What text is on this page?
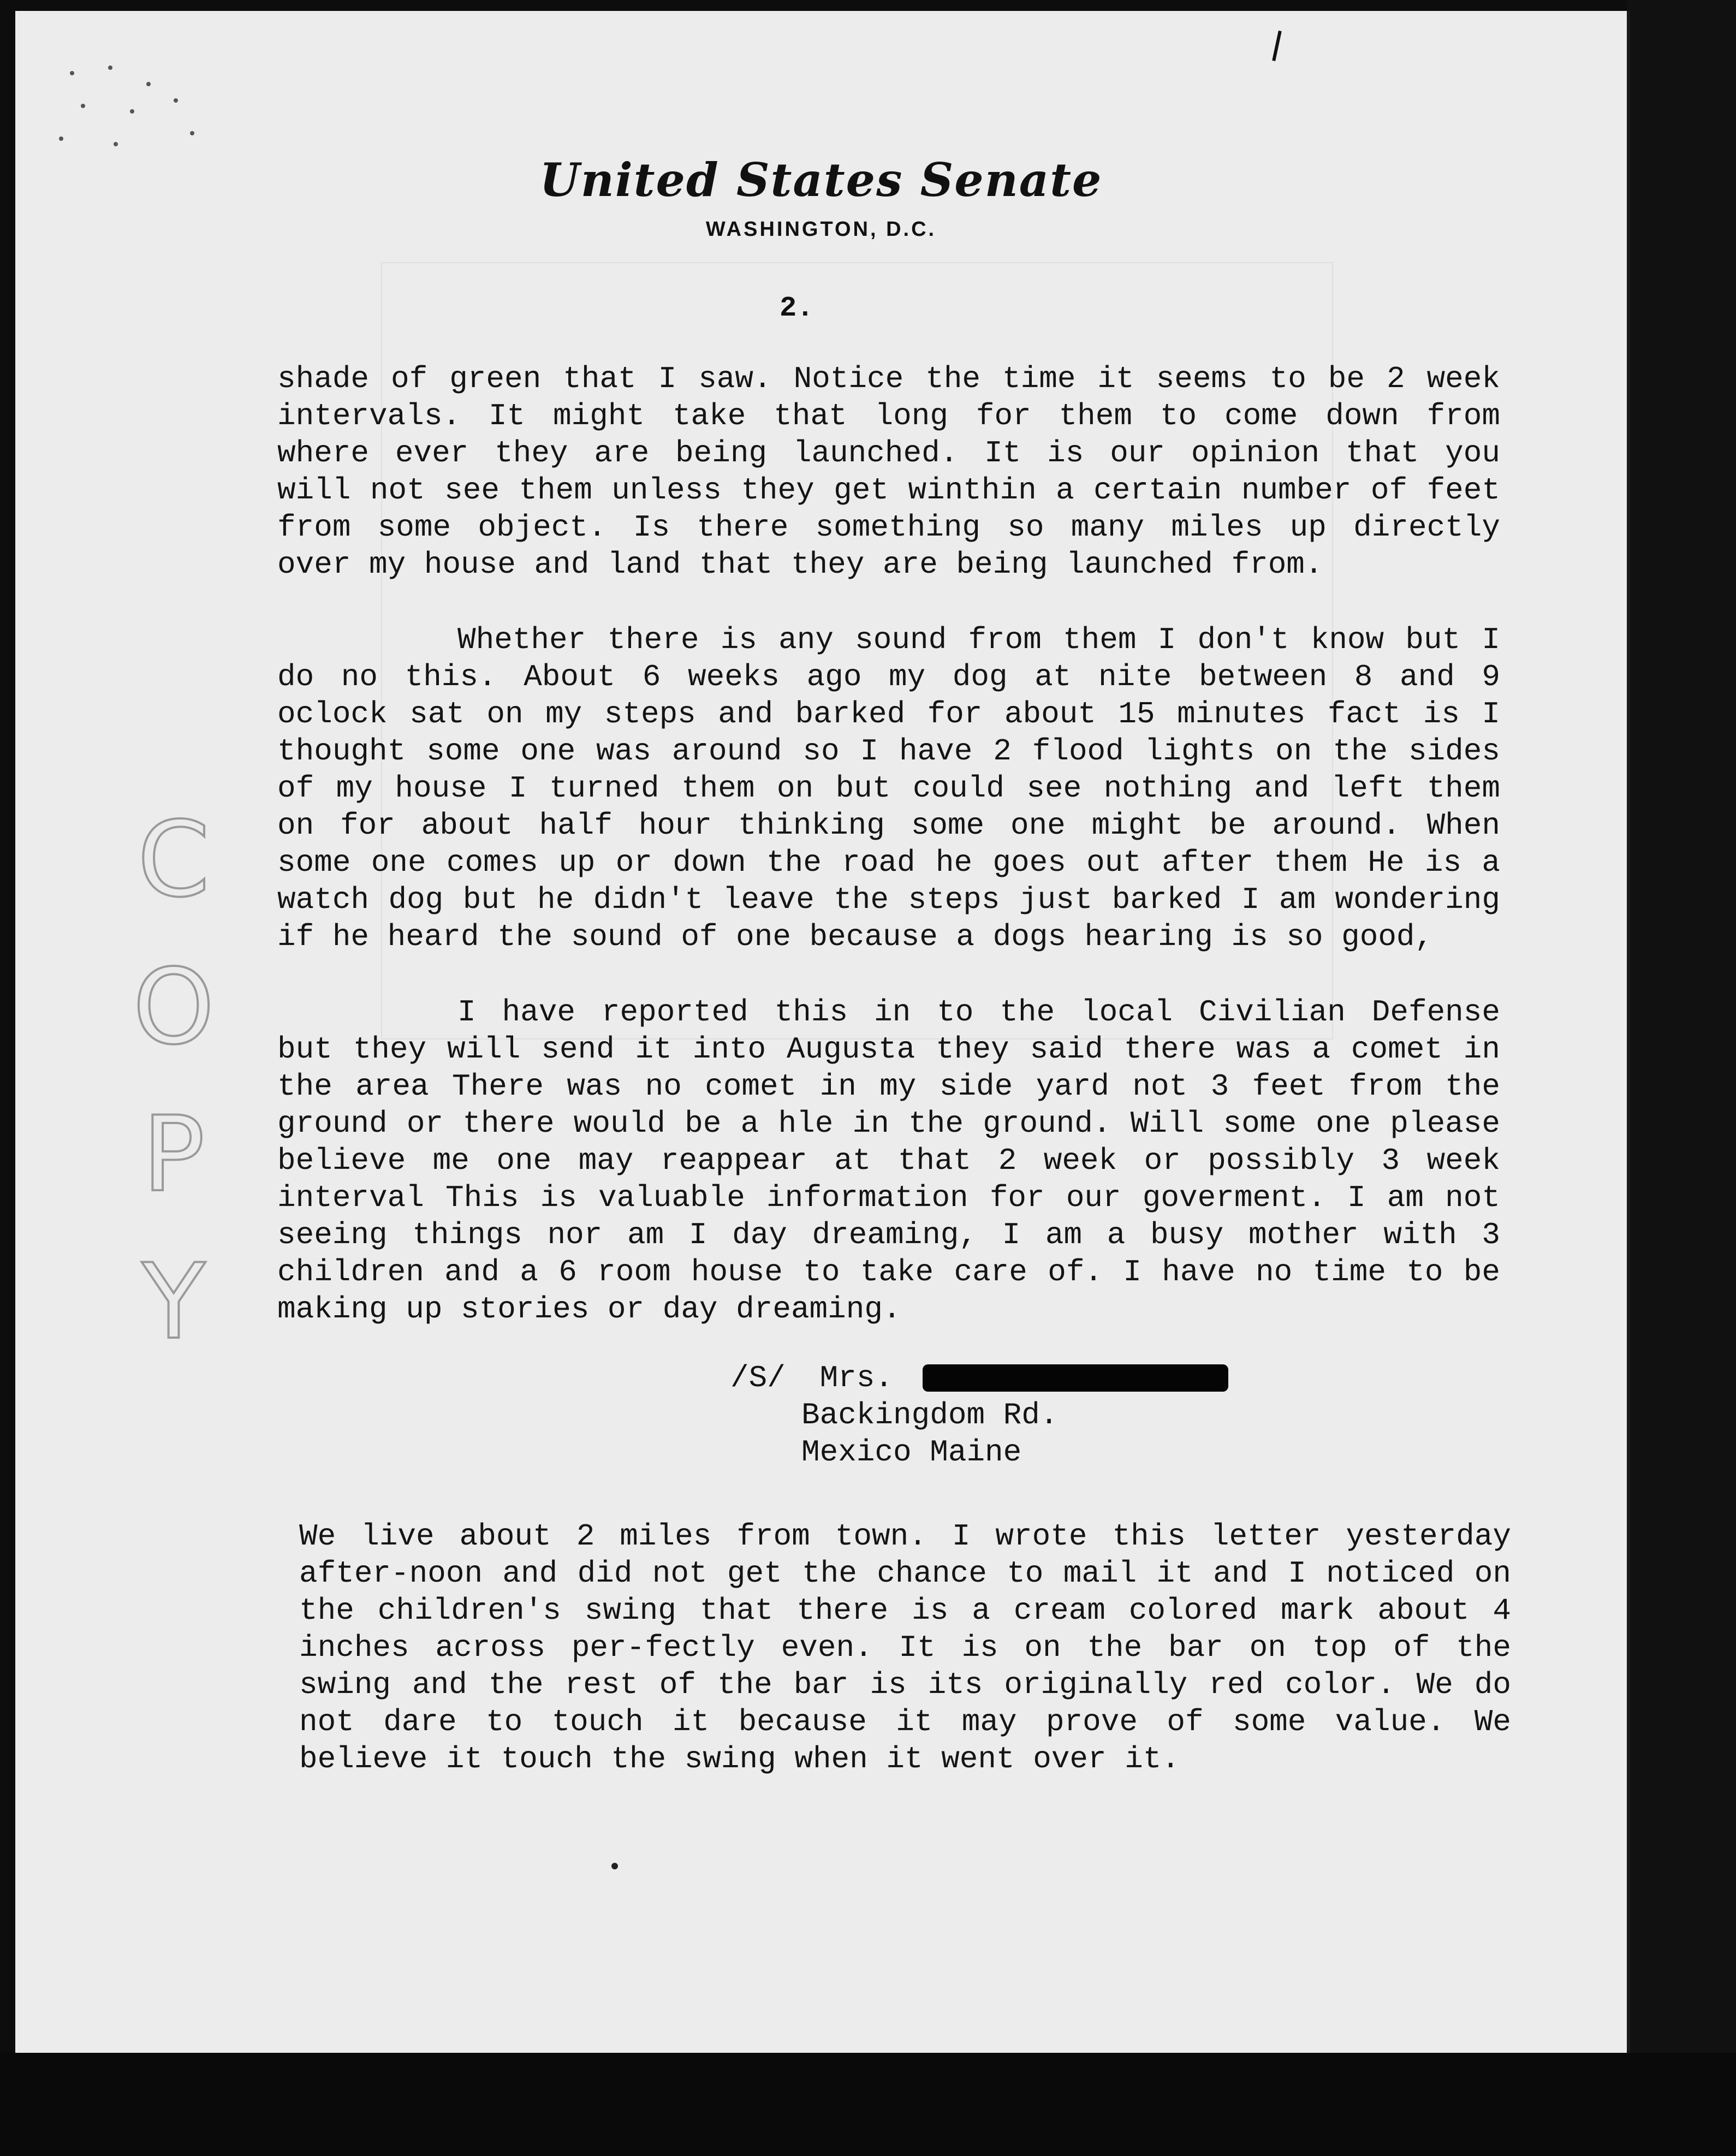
United States Senate
WASHINGTON, D.C.
2.
C
O
P
Y

shade of green that I saw. Notice the time it seems to be 2 week intervals. It might take that long for them to come down from where ever they are being launched. It is our opinion that you will not see them unless they get winthin a certain number of feet from some object. Is there something so many miles up directly over my house and land that they are being launched from.

Whether there is any sound from them I don't know but I do no this. About 6 weeks ago my dog at nite between 8 and 9 oclock sat on my steps and barked for about 15 minutes fact is I thought some one was around so I have 2 flood lights on the sides of my house I turned them on but could see nothing and left them on for about half hour thinking some one might be around. When some one comes up or down the road he goes out after them He is a watch dog but he didn't leave the steps just barked I am wondering if he heard the sound of one because a dogs hearing is so good,

I have reported this in to the local Civilian Defense but they will send it into Augusta they said there was a comet in the area There was no comet in my side yard not 3 feet from the ground or there would be a hle in the ground. Will some one please believe me one may reappear at that 2 week or possibly 3 week interval This is valuable information for our goverment. I am not seeing things nor am I day dreaming, I am a busy mother with 3 children and a 6 room house to take care of. I have no time to be making up stories or day dreaming.

/S/ Mrs.
Backingdom Rd.
Mexico Maine
We live about 2 miles from town. I wrote this letter yesterday after-noon and did not get the chance to mail it and I noticed on the children's swing that there is a cream colored mark about 4 inches across per-fectly even. It is on the bar on top of the swing and the rest of the bar is its originally red color. We do not dare to touch it because it may prove of some value. We believe it touch the swing when it went over it.
